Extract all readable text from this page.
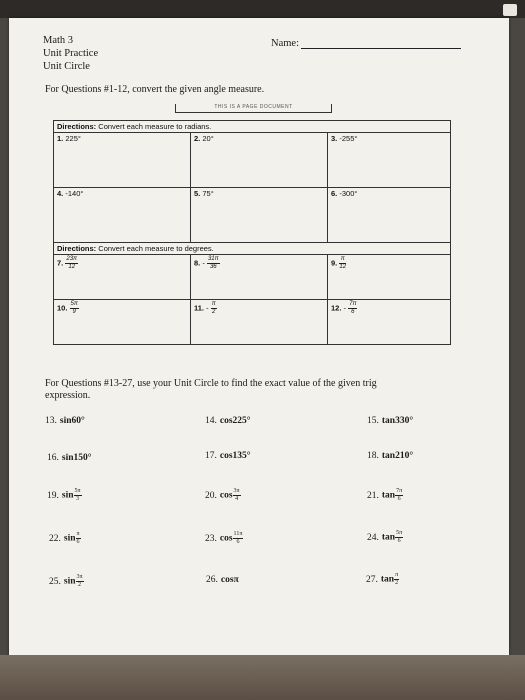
Math 3
Unit Practice
Unit Circle
Name:
For Questions #1-12, convert the given angle measure.
THIS IS A PAGE DOCUMENT
Directions: Convert each measure to radians.		
1. 225°	2. 20°	3. -255°
4. -140°	5. 75°	6. -300°
Directions: Convert each measure to degrees.		
7. $\frac{23\pi}{12}$	8. - $\frac{31\pi}{36}$	9. $\frac{\pi}{12}$

10. $\frac{5\pi}{9}$	11. - $\frac{\pi}{2}$	12. - $\frac{7\pi}{6}$
For Questions #13-27, use your Unit Circle to find the exact value of the given trig
expression.
13. sin60°	14. cos225°	15. tan330°
16. sin150°	17. cos135°	18. tan210°
19. $\sin \frac{5\pi}{3}$	20. $\cos \frac{3\pi}{4}$	21. $\tan \frac{7\pi}{6}$
22. $\sin \frac{\pi}{6}$	23. $\cos \frac{11\pi}{6}$	24. $\tan \frac{5\pi}{6}$
25. $\sin \frac{3\pi}{2}$	26. cosπ	27. $\tan \frac{\pi}{2}$
